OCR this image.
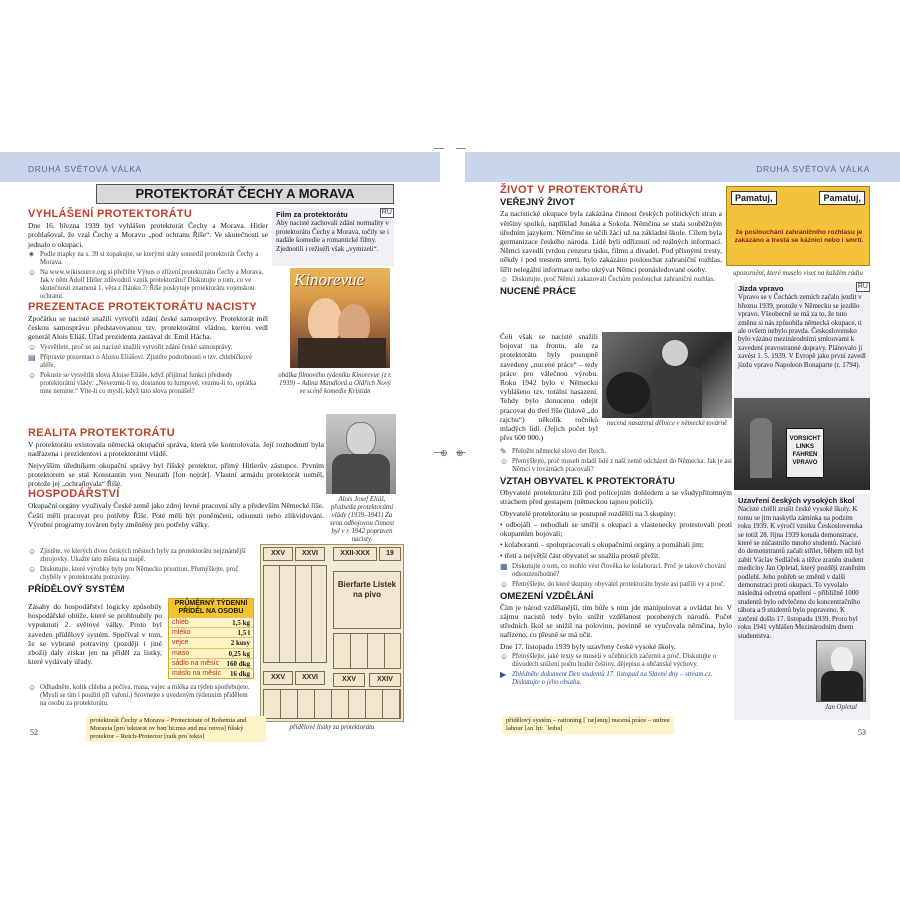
⊕ ⊕
DRUHÁ SVĚTOVÁ VÁLKA	DRUHÁ SVĚTOVÁ VÁLKA
PROTEKTORÁT ČECHY A MORAVA
VYHLÁŠENÍ PROTEKTORÁTU

Dne 16. března 1939 byl vyhlášen protektorát Čechy a Morava. Hitler prohlašoval, že vzal Čechy a Moravu „pod ochranu Říše“. Ve skutečnosti se jednalo o okupaci.

✷ Podle mapky na s. 39 si zopakujte, se kterými státy sousedil protektorát Čechy a Morava.
☺ Na www.wikisource.org si přečtěte Výnos o zřízení protektorátu Čechy a Morava. Jak v něm Adolf Hitler zdůvodnil vznik protektorátu? Diskutujte o tom, co ve skutečnosti znamená 1. věta z článku 7: Říše poskytuje protektorátu vojenskou ochranu.
PREZENTACE PROTEKTORÁTU NACISTY

Zpočátku se nacisté snažili vytvořit zdání české samosprávy. Protektorát měl českou samosprávu představovanou tzv. protektorátní vládou, kterou vedl generál Alois Eliáš. Úřad prezidenta zastával dr. Emil Hácha.

☺ Vysvětlete, proč se asi nacisté snažili vytvořit zdání české samosprávy.
▤ Připravte prezentaci o Aloisu Eliášovi. Zjistěte podrobnosti o tzv. chlebíčkové aféře.
☺ Pokuste se vysvětlit slova Aloise Eliáše, když přijímal funkci předsedy protektorátní vlády: „Nevezmu-li to, dostanou to lumpové, vezmu-li to, oprátka mne nemine.“ Víte-li co myslí, když tato slova pronášel?
REALITA PROTEKTORÁTU

V protektorátu existovala německá okupační správa, která vše kontrolovala. Její rozhodnutí byla nadřazena i prezidentovi a protektorátní vládě.

Nejvyšším úředníkem okupační správy byl říšský protektor, přímý Hitlerův zástupce. Prvním protektorem se stal Konstantin von Neurath [fon nojrát]. Vlastní armádu protektorát neměl, protože jej „ochraňovala“ Říše.

HOSPODÁŘSTVÍ

Okupační orgány využívaly České země jako zdroj levné pracovní síly a především Německé říše. Čeští měli pracovat pro potřeby Říše. Poté měli být poněmčeni, odsunuti nebo zlikvidováni. Výrobní programy továren byly změněny pro potřeby války.

☺ Zjistěte, ve kterých dvou českých městech byly za protektorátu nejznámější zbrojovky. Ukažte tato města na mapě.
☺ Diskutujte, které výrobky byly pro Německo prioritou. Přemýšlejte, proč chyběly v protektorátu potraviny.
PŘÍDĚLOVÝ SYSTÉM

Zásahy do hospodářství logicky způsobily hospodářské obtíže, které se prohloubily po vypuknutí 2. světové války. Proto byl zaveden přídělový systém. Spočíval v tom, že se vybrané potraviny (později i jiné zboží) daly získat jen na příděl za lístky, které vydávaly úřady.

☺ Odhadněte, kolik chleba a pečiva, masa, vajec a mléka za týden spotřebujete. (Myslí se tím i použití při vaření.) Srovnejte s uvedeným týdenním přídělem na osobu za protektorátu.
RU
Film za protektorátu
Aby nacisté zachovali zdání normality v protektorátu Čechy a Morava, točily se i nadále komedie a romantické filmy. Zjednotili i režiséři však „vymizeli“.
Kinorevue
obálka filmového týdeníku Kinorevue (z r. 1939) – Adina Mandlová a Oldřich Nový ve scéně komedie Kristián
Alois Josef Eliáš, předseda protektorátní vlády (1939–1941) Za svou odbojovou činnost byl v r. 1942 popraven nacisty.
PRŮMĚRNÝ TÝDENNÍ PŘÍDĚL NA OSOBU
chléb	1,5 kg
mléko	1,5 l
vejce	2 kusy
maso	0,25 kg
sádlo na měsíc 160 dkg
máslo na měsíc 16 dkg
XXV	XXVI	XXII-XXX	19
Bierfarte Lístek na pivo
XXV	XXVI	XXV	XXIV
přídělové lístky za protektorátu
protektorát Čechy a Morava – Protectorate of Bohemia and Moravia [pro`tektərət ov bəʊˈhi:mɪə ənd məˈreɪvɪə] říšský protektor – Reich-Protector [raɪk pro`tektə]
52
ŽIVOT V PROTEKTORÁTU
VEŘEJNÝ ŽIVOT

Za nacistické okupace byla zakázána činnost českých politických stran a většiny spolků, například Junáka a Sokola. Němčina se stala souběžným úředním jazykem. Němčinu se učili žáci už na základní škole. Cílem byla germanizace českého národa. Lidé byli odříznutí od reálných informací. Němci zavedli tvrdou cenzuru tisku, filmu a divadel. Pod přísnými tresty, někdy i pod trestem smrti, bylo zakázáno poslouchat zahraniční rozhlas, šířit nelegální informace nebo ukrývat Němci pronásledované osoby.

☺ Diskutujte, proč Němci zakazovali Čechům poslouchat zahraniční rozhlas.
NUCENÉ PRÁCE

Čeli však se nacisté snažili bojovat na frontu, ale za protektorátu byly postupně zavedeny „nucené práce“ – tedy práce pro válečnou výrobu. Roku 1942 bylo v Německu vyhlášeno tzv. totální nasazení. Tehdy bylo donuceno odejít pracovat do třetí říše (lidově „do rajchu“) několik ročníků mladých lidí. (Jejich počet byl přes 600 000.)

nucená nasazená dělnice v německé továrně
✎ Přeložte německé slovo der Reich.
☺ Přemýšlejte, proč museli mladí lidé z naší země odcházet do Německa. Jak je asi Němci v továrnách pracovali?
VZTAH OBYVATEL K PROTEKTORÁTU

Obyvatelé protektorátu žili pod policejním dohledem a se všudypřítomným strachem před gestapem (německou tajnou policií).

Obyvatelé protektorátu se postupně rozdělili na 3 skupiny:

• odbojáři – nehodlali se smířit s okupací a vlastenecky protestovali proti okupantům bojovali;

• kolaboranti – spolupracovali s okupačními orgány a pomáhali jim;

• třetí a největší část obyvatel se snažila prostě přežít.

▦ Diskutujte o tom, co mohlo vést člověka ke kolaboraci. Proč je takové chování odsouzeníhodné?
☺ Přemýšlejte, do které skupiny obyvatel protektorátu byste asi patřili vy a proč.
OMEZENÍ VZDĚLÁNÍ

Čím je národ vzdělanější, tím hůře s ním jde manipulovat a ovládat ho. V zájmu nacistů tedy bylo snížit vzdělanost porobených národů. Počet středních škol se snížil na polovinu, povinně se vyučovala němčina, bylo nařízeno, co přesně se má učit.

Dne 17. listopadu 1939 byly uzavřeny české vysoké školy.

☺ Přemýšlejte, jaké texty se museli v učebnicích začernit a proč. Diskutujte o důvodech snížení počtu hodin češtiny, dějepisu a občanské výchovy.
▶ Zhlédněte dokument Den studentů 17. listopad na Slavné dny – stream.cz. Diskutujte o jeho obsahu.
Pamatuj,	Pamatuj,
že poslouchání zahraničního rozhlasu je zakázáno a trestá se káznicí nebo i smrtí.
upozornění, které muselo viset na každém rádiu
RU
Jízda vpravo
Vpravo se v Čechách zemích začalo jezdit v březnu 1939, protože v Německu se jezdilo vpravo. Všeobecně se má za to, že tuto změnu si nás způsobila německá okupace, ti ale ovšem nebylo pravda. Československo bylo vázáno mezinárodními smlouvami k zavedení pravostranné dopravy. Plánovalo ji zavést 1. 5. 1939. V Evropě jako první zavedl jízdu vpravo Napoleon Bonaparte (r. 1794).
VORSICHT LINKS FAHREN VPRAVO
Uzavření českých vysokých škol
Nacisté chtěli zrušit české vysoké školy. K tomu se jim naskytla záminka na podzim roku 1939. K výročí vzniku Československa se totiž 28. října 1939 konala demonstrace, které se zúčastnilo mnoho studentů. Nacisté do demonstrantů začali střílet, během níž byl zabit Václav Sedláček a těžce zraněn student medicíny Jan Opletal, který později zraněním podlehl. Jeho pohřeb se změnil v další demonstraci proti okupaci. To vyvolalo následná odvetná opatření – přibližně 1000 studentů bylo odvlečeno do koncentračního tábora a 9 studentů bylo popraveno. K zatčení došlo 17. listopadu 1939. Proto byl roku 1941 vyhlášen Mezinárodním dnem studentstva.
Jan Opletal
přídělový systém – rationing [ˈræʃənɪŋ] nucená práce – unfree labour [ʌn`fri: `leɪbə]	53
